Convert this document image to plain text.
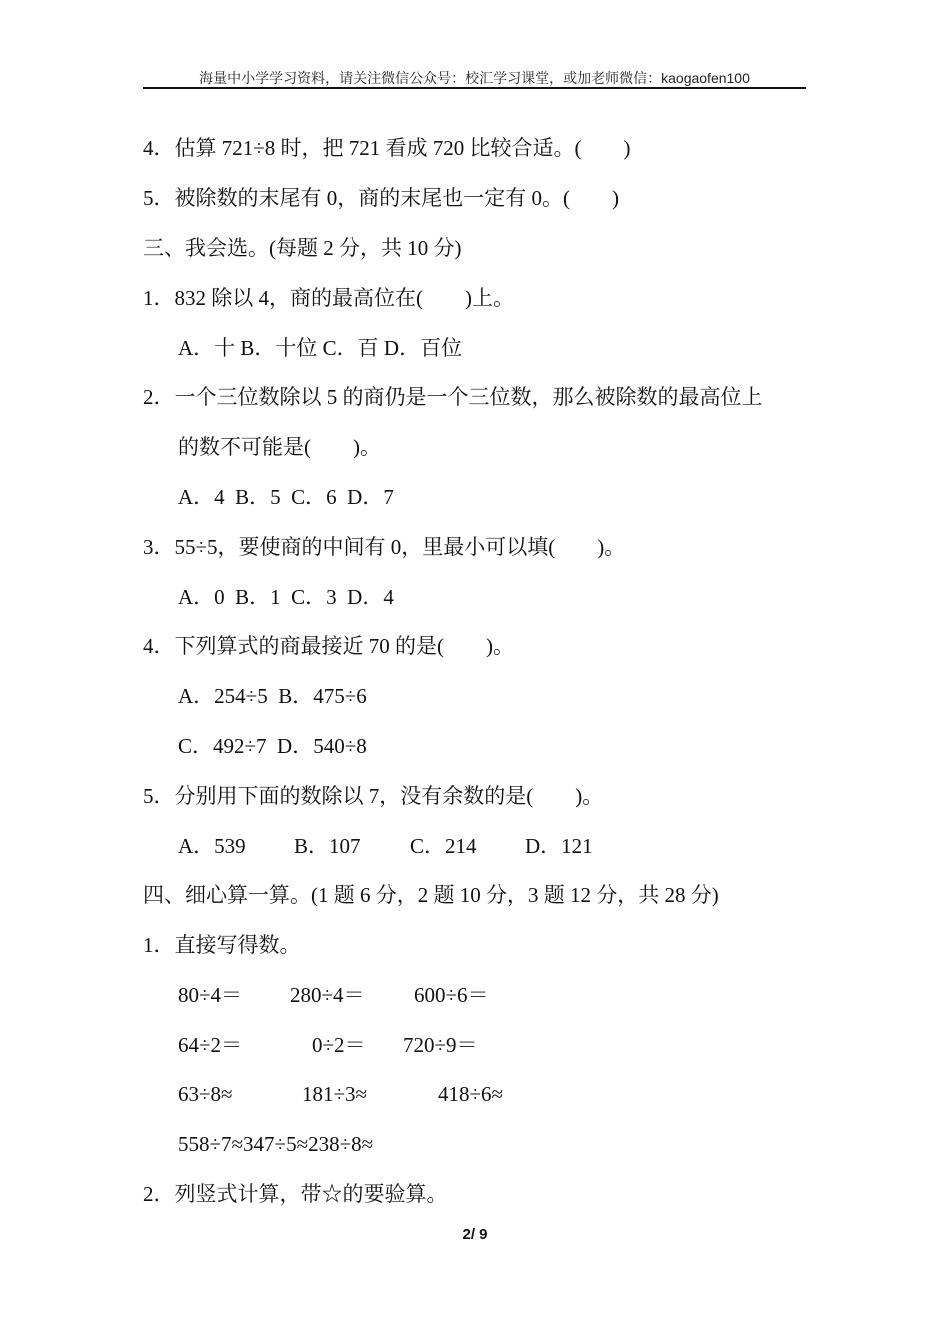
海量中小学学习资料，请关注微信公众号：校汇学习课堂，或加老师微信：kaogaofen100
4．估算 721÷8 时，把 721 看成 720 比较合适。(　　)
5．被除数的末尾有 0，商的末尾也一定有 0。(　　)
三、我会选。(每题 2 分，共 10 分)
1．832 除以 4，商的最高位在(　　)上。
A．十 B．十位 C．百 D．百位
2．一个三位数除以 5 的商仍是一个三位数，那么被除数的最高位上
的数不可能是(　　)。
A．4  B．5  C．6  D．7
3．55÷5，要使商的中间有 0，里最小可以填(　　)。
A．0  B．1  C．3  D．4
4．下列算式的商最接近 70 的是(　　)。
A．254÷5  B．475÷6
C．492÷7  D．540÷8
5．分别用下面的数除以 7，没有余数的是(　　)。
A．539 B．107 C．214 D．121
四、细心算一算。(1 题 6 分，2 题 10 分，3 题 12 分，共 28 分)
1．直接写得数。
80÷4＝ 280÷4＝ 600÷6＝
64÷2＝	0÷2＝ 720÷9＝
63÷8≈	181÷3≈	418÷6≈
558÷7≈347÷5≈238÷8≈
2．列竖式计算，带☆的要验算。
2/ 9
